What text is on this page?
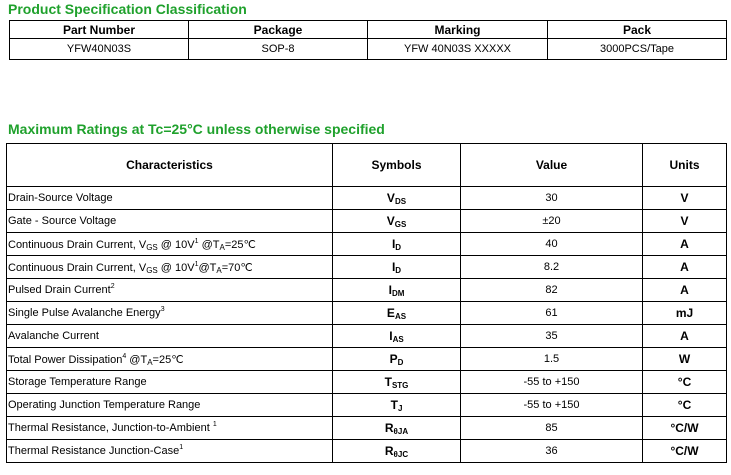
Product Specification Classification
Part Number	Package	Marking	Pack
YFW40N03S	SOP-8	YFW 40N03S XXXXX	3000PCS/Tape
Maximum Ratings at Tc=25°C unless otherwise specified
Characteristics	Symbols	Value	Units
Drain-Source Voltage	VDS	30	V
Gate - Source Voltage	VGS	±20	V
Continuous Drain Current, $V_{GS}$ @ $10V^1$ $@T_A=25℃$	ID	40	A
Continuous Drain Current, $V_{GS}$ @ $10V^1@T_A=70℃$	ID	8.2	A
Pulsed Drain Current$^2$	IDM	82	A
Single Pulse Avalanche Energy$^3$	EAS	61	mJ
Avalanche Current	IAS	35	A
Total Power Dissipation$^4$ $@T_A=25℃$	PD	1.5	W
Storage Temperature Range	TSTG	-55 to +150	°C
Operating Junction Temperature Range	TJ	-55 to +150	°C
Thermal Resistance, Junction-to-Ambient $^1$	RθJA	85	°C/W
Thermal Resistance Junction-Case$^1$	RθJC	36	°C/W
